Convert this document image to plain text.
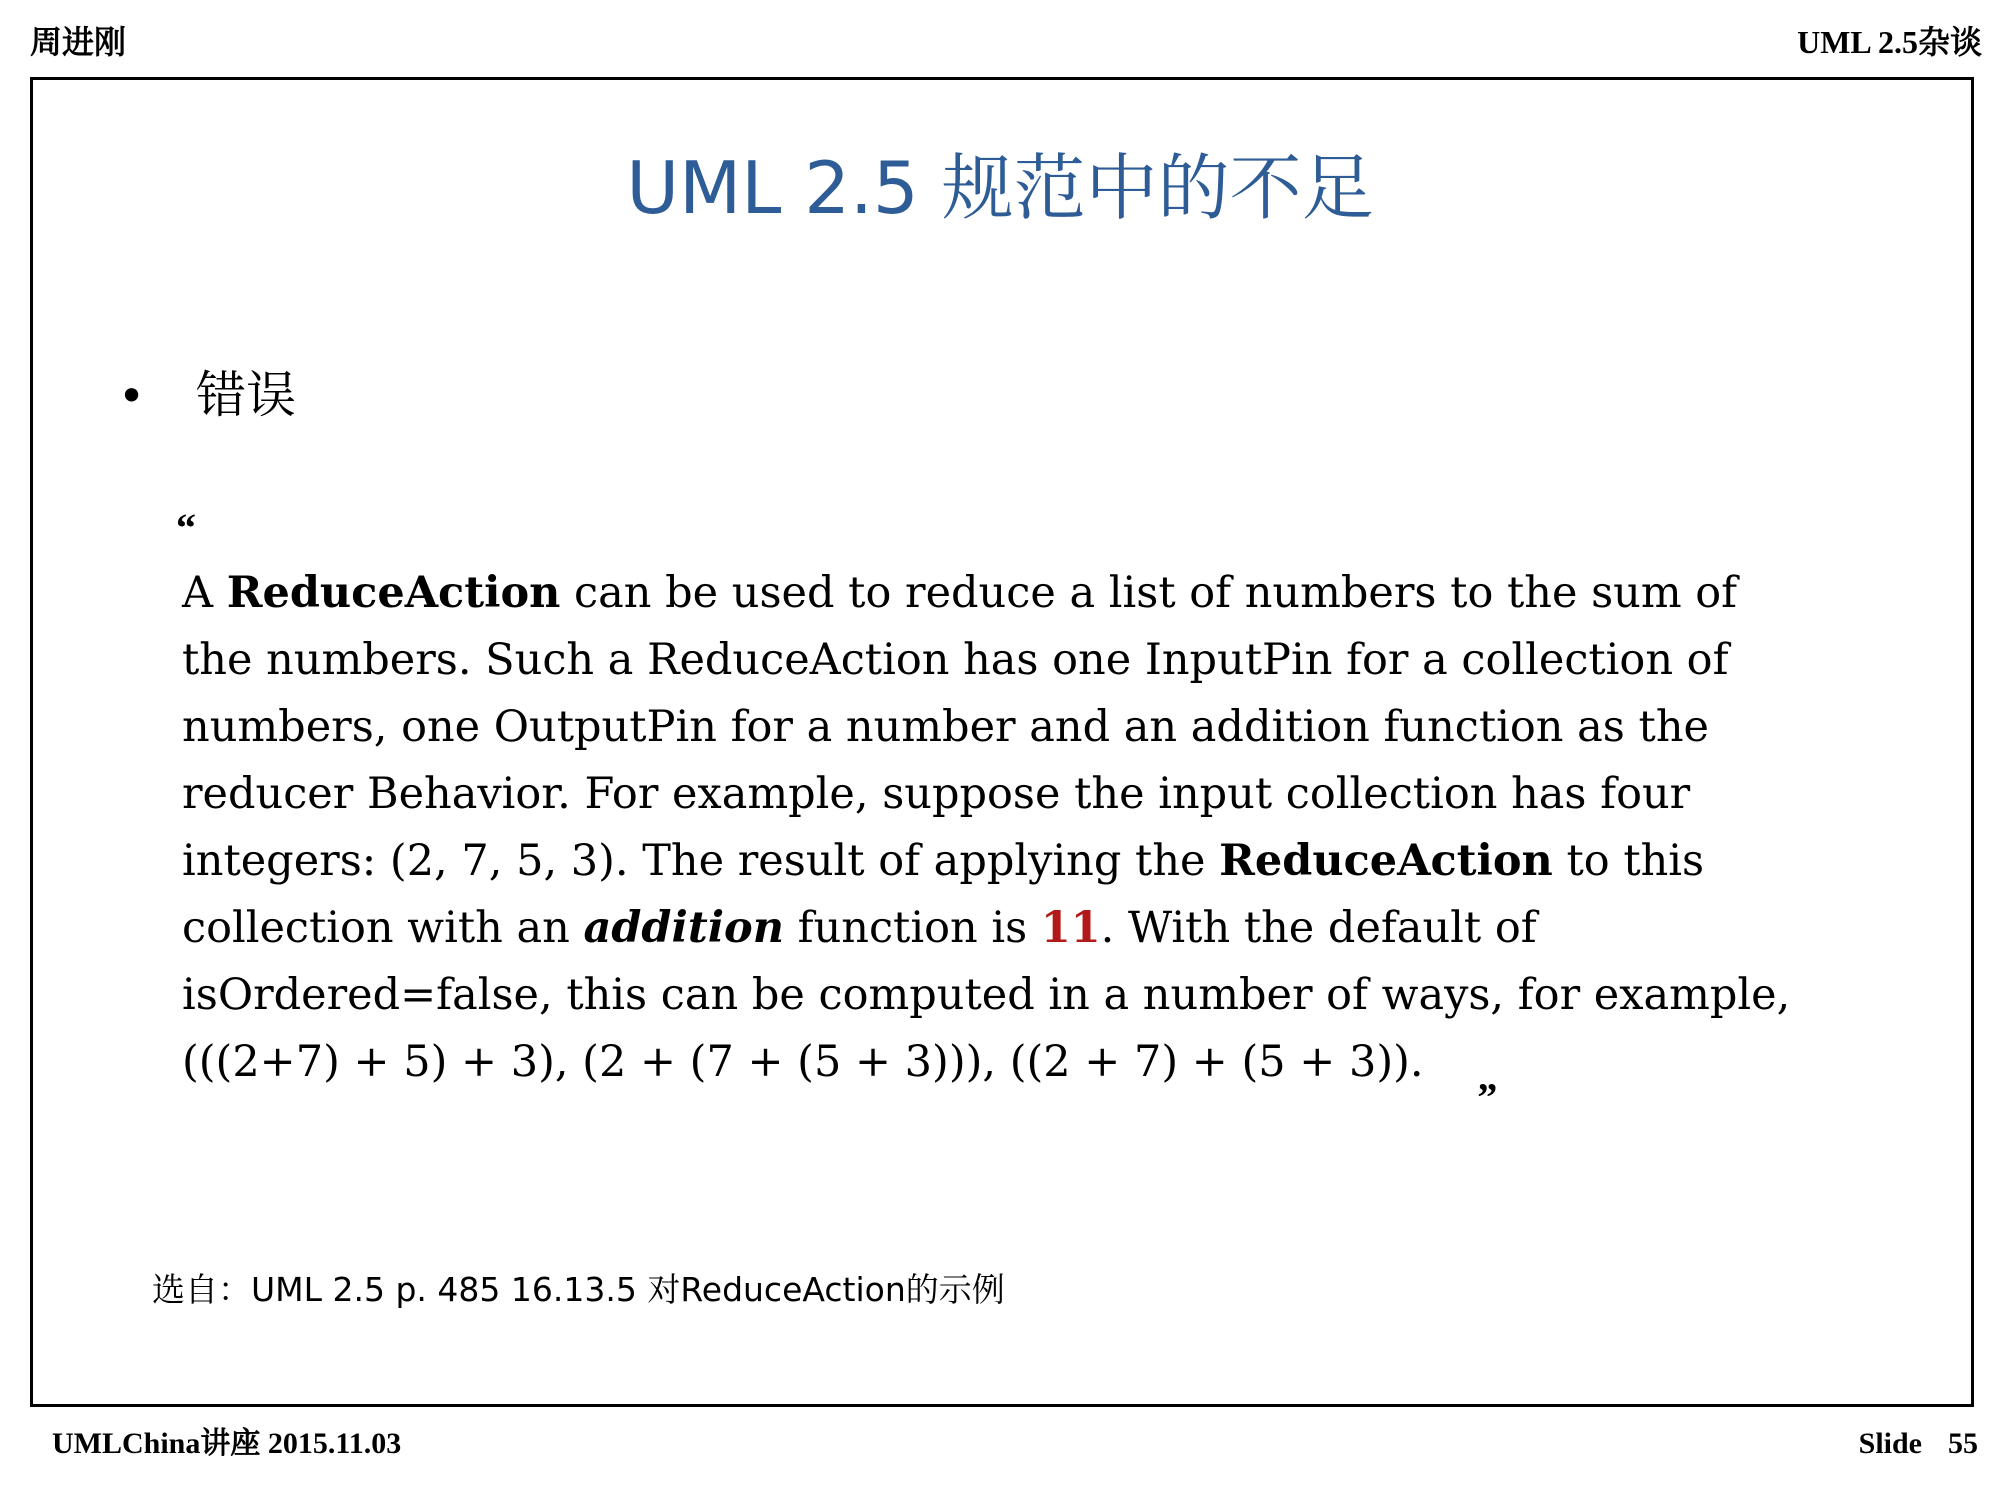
周进刚	UML 2.5杂谈
UML 2.5 规范中的不足
• 错误
“
A ReduceAction can be used to reduce a list of numbers to the sum of
the numbers. Such a ReduceAction has one InputPin for a collection of
numbers, one OutputPin for a number and an addition function as the
reducer Behavior. For example, suppose the input collection has four
integers: (2, 7, 5, 3). The result of applying the ReduceAction to this
collection with an addition function is 11. With the default of
isOrdered=false, this can be computed in a number of ways, for example,
(((2+7) + 5) + 3), (2 + (7 + (5 + 3))), ((2 + 7) + (5 + 3)). „
选自：UML 2.5 p. 485 16.13.5 对ReduceAction的示例
UMLChina讲座 2015.11.03	Slide 55
